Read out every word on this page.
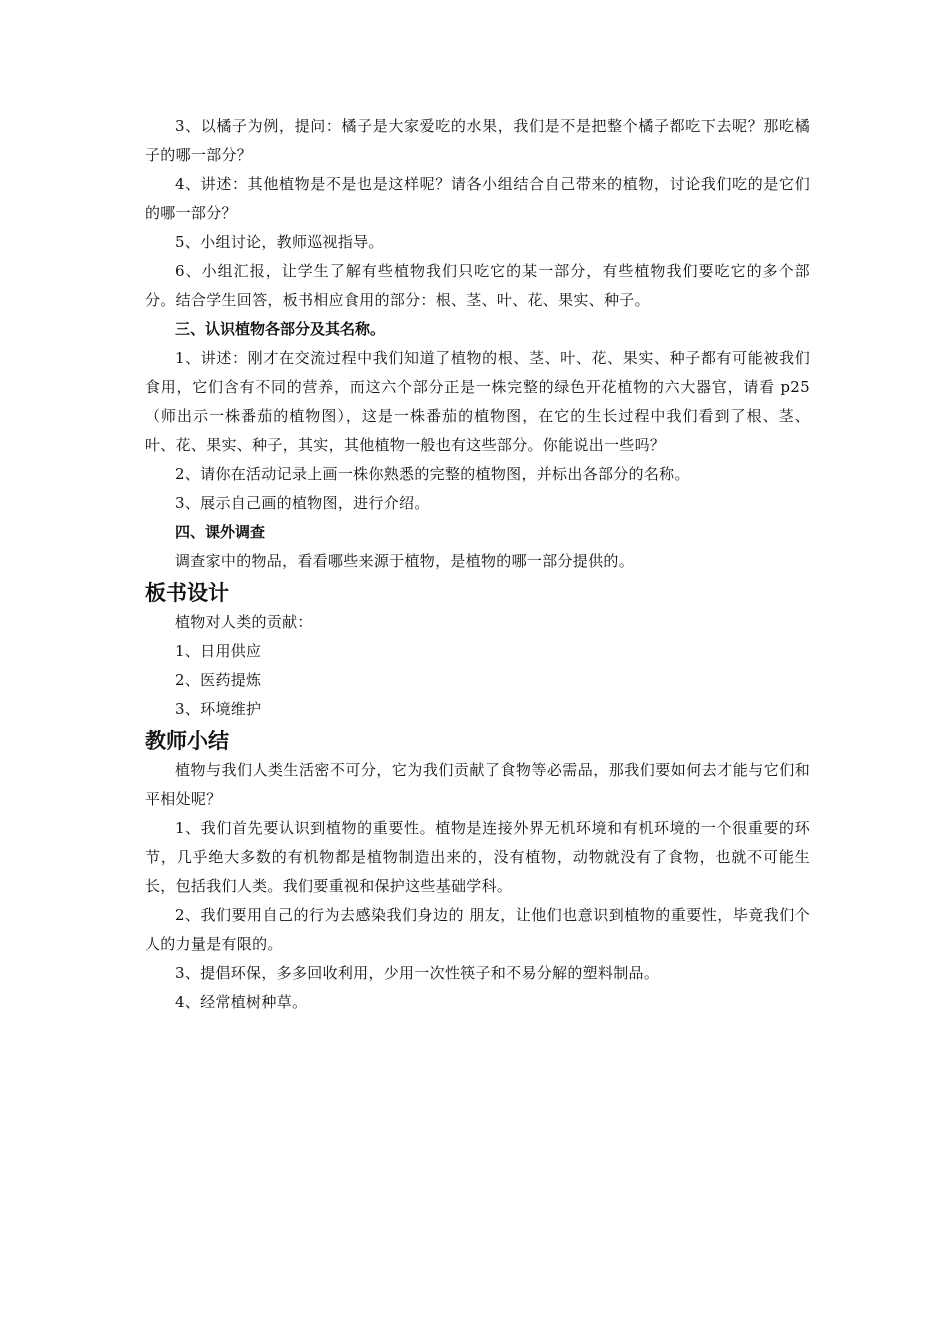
3、以橘子为例，提问：橘子是大家爱吃的水果，我们是不是把整个橘子都吃下去呢？那吃橘子的哪一部分？

4、讲述：其他植物是不是也是这样呢？请各小组结合自己带来的植物，讨论我们吃的是它们的哪一部分？

5、小组讨论，教师巡视指导。

6、小组汇报，让学生了解有些植物我们只吃它的某一部分，有些植物我们要吃它的多个部分。结合学生回答，板书相应食用的部分：根、茎、叶、花、果实、种子。

三、认识植物各部分及其名称。

1、讲述：刚才在交流过程中我们知道了植物的根、茎、叶、花、果实、种子都有可能被我们食用，它们含有不同的营养，而这六个部分正是一株完整的绿色开花植物的六大器官，请看 p25（师出示一株番茄的植物图），这是一株番茄的植物图，在它的生长过程中我们看到了根、茎、叶、花、果实、种子，其实，其他植物一般也有这些部分。你能说出一些吗？

2、请你在活动记录上画一株你熟悉的完整的植物图，并标出各部分的名称。

3、展示自己画的植物图，进行介绍。

四、课外调查

调查家中的物品，看看哪些来源于植物，是植物的哪一部分提供的。

板书设计

植物对人类的贡献：

1、日用供应

2、医药提炼

3、环境维护

教师小结

植物与我们人类生活密不可分，它为我们贡献了食物等必需品，那我们要如何去才能与它们和平相处呢？

1、我们首先要认识到植物的重要性。植物是连接外界无机环境和有机环境的一个很重要的环节，几乎绝大多数的有机物都是植物制造出来的，没有植物，动物就没有了食物，也就不可能生长，包括我们人类。我们要重视和保护这些基础学科。

2、我们要用自己的行为去感染我们身边的 朋友，让他们也意识到植物的重要性，毕竟我们个人的力量是有限的。

3、提倡环保，多多回收利用，少用一次性筷子和不易分解的塑料制品。

4、经常植树种草。
